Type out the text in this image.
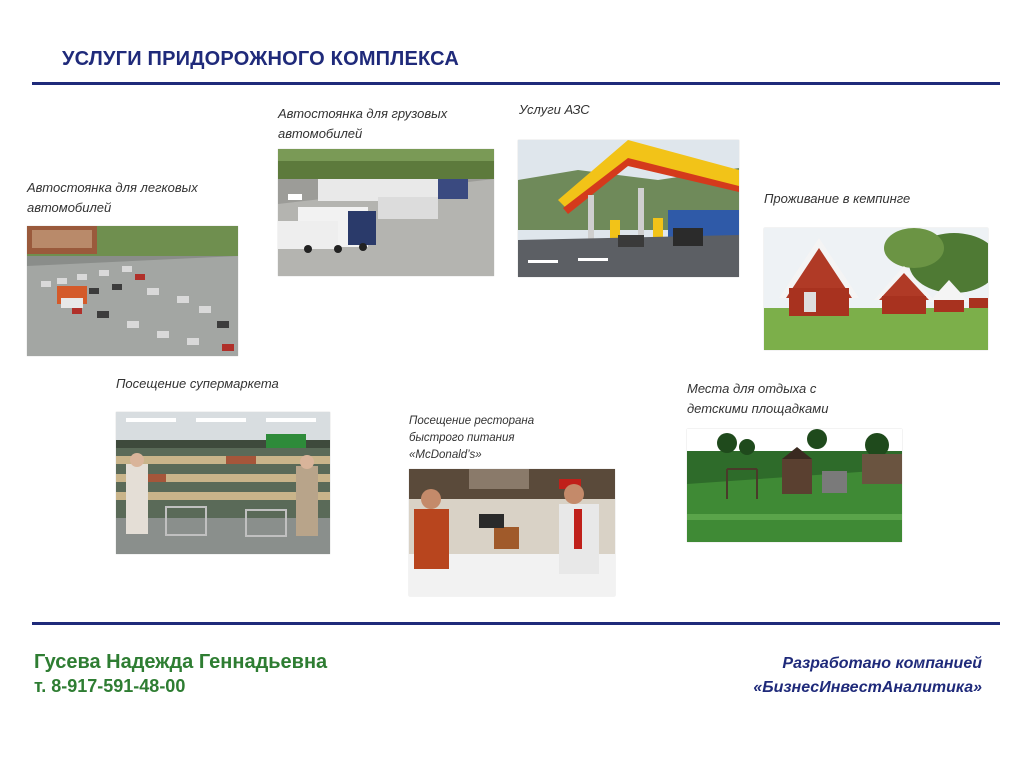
УСЛУГИ ПРИДОРОЖНОГО КОМПЛЕКСА

Автостоянка для легковых
автомобилей

Автостоянка для грузовых
автомобилей

Услуги АЗС

Проживание в кемпинге

Посещение супермаркета

Посещение ресторана
быстрого питания
«McDonald’s»

Места для отдыха с
детскими площадками

Гусева Надежда Геннадьевна
т. 8-917-591-48-00
Разработано компанией
«БизнесИнвестАналитика»
